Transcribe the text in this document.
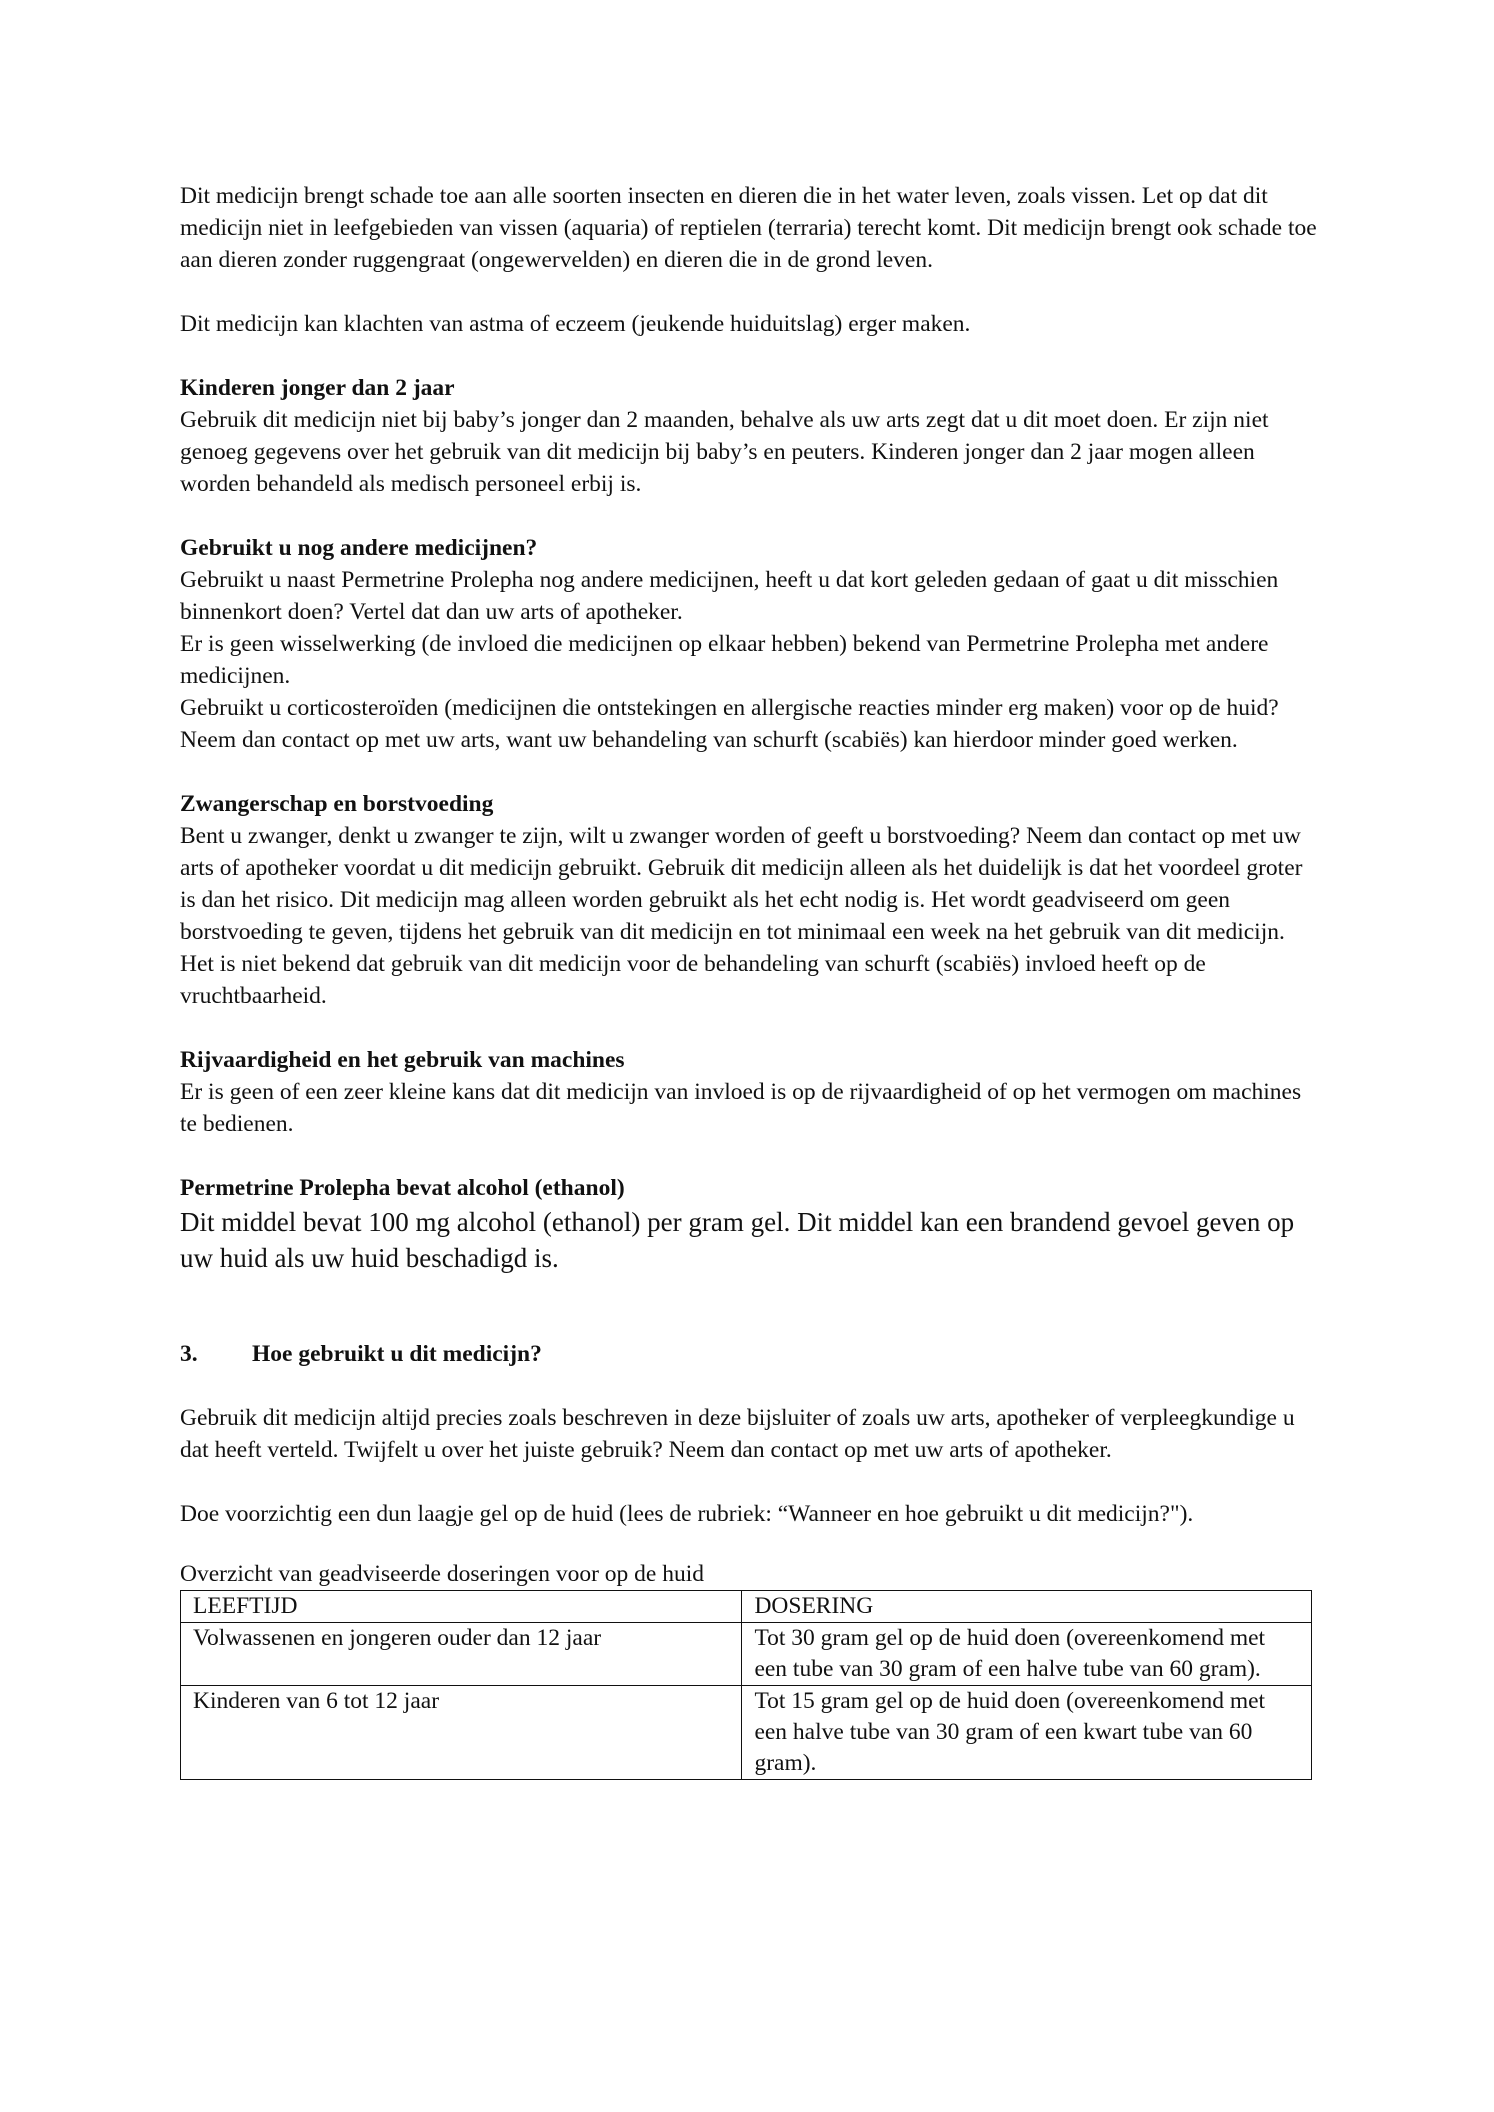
Dit medicijn brengt schade toe aan alle soorten insecten en dieren die in het water leven, zoals vissen. Let op dat dit medicijn niet in leefgebieden van vissen (aquaria) of reptielen (terraria) terecht komt. Dit medicijn brengt ook schade toe aan dieren zonder ruggengraat (ongewervelden) en dieren die in de grond leven.

Dit medicijn kan klachten van astma of eczeem (jeukende huiduitslag) erger maken.

Kinderen jonger dan 2 jaar

Gebruik dit medicijn niet bij baby’s jonger dan 2 maanden, behalve als uw arts zegt dat u dit moet doen. Er zijn niet genoeg gegevens over het gebruik van dit medicijn bij baby’s en peuters. Kinderen jonger dan 2 jaar mogen alleen worden behandeld als medisch personeel erbij is.

Gebruikt u nog andere medicijnen?

Gebruikt u naast Permetrine Prolepha nog andere medicijnen, heeft u dat kort geleden gedaan of gaat u dit misschien binnenkort doen? Vertel dat dan uw arts of apotheker.

Er is geen wisselwerking (de invloed die medicijnen op elkaar hebben) bekend van Permetrine Prolepha met andere medicijnen.

Gebruikt u corticosteroïden (medicijnen die ontstekingen en allergische reacties minder erg maken) voor op de huid? Neem dan contact op met uw arts, want uw behandeling van schurft (scabiës) kan hierdoor minder goed werken.

Zwangerschap en borstvoeding

Bent u zwanger, denkt u zwanger te zijn, wilt u zwanger worden of geeft u borstvoeding? Neem dan contact op met uw arts of apotheker voordat u dit medicijn gebruikt. Gebruik dit medicijn alleen als het duidelijk is dat het voordeel groter is dan het risico. Dit medicijn mag alleen worden gebruikt als het echt nodig is. Het wordt geadviseerd om geen borstvoeding te geven, tijdens het gebruik van dit medicijn en tot minimaal een week na het gebruik van dit medicijn. Het is niet bekend dat gebruik van dit medicijn voor de behandeling van schurft (scabiës) invloed heeft op de vruchtbaarheid.

Rijvaardigheid en het gebruik van machines

Er is geen of een zeer kleine kans dat dit medicijn van invloed is op de rijvaardigheid of op het vermogen om machines te bedienen.

Permetrine Prolepha bevat alcohol (ethanol)

Dit middel bevat 100 mg alcohol (ethanol) per gram gel. Dit middel kan een brandend gevoel geven op uw huid als uw huid beschadigd is.

3.	Hoe gebruikt u dit medicijn?

Gebruik dit medicijn altijd precies zoals beschreven in deze bijsluiter of zoals uw arts, apotheker of verpleegkundige u dat heeft verteld. Twijfelt u over het juiste gebruik? Neem dan contact op met uw arts of apotheker.

Doe voorzichtig een dun laagje gel op de huid (lees de rubriek: “Wanneer en hoe gebruikt u dit medicijn?").

Overzicht van geadviseerde doseringen voor op de huid

LEEFTIJD	DOSERING
Volwassenen en jongeren ouder dan 12 jaar	Tot 30 gram gel op de huid doen (overeenkomend met een tube van 30 gram of een halve tube van 60 gram).
Kinderen van 6 tot 12 jaar	Tot 15 gram gel op de huid doen (overeenkomend met een halve tube van 30 gram of een kwart tube van 60 gram).
